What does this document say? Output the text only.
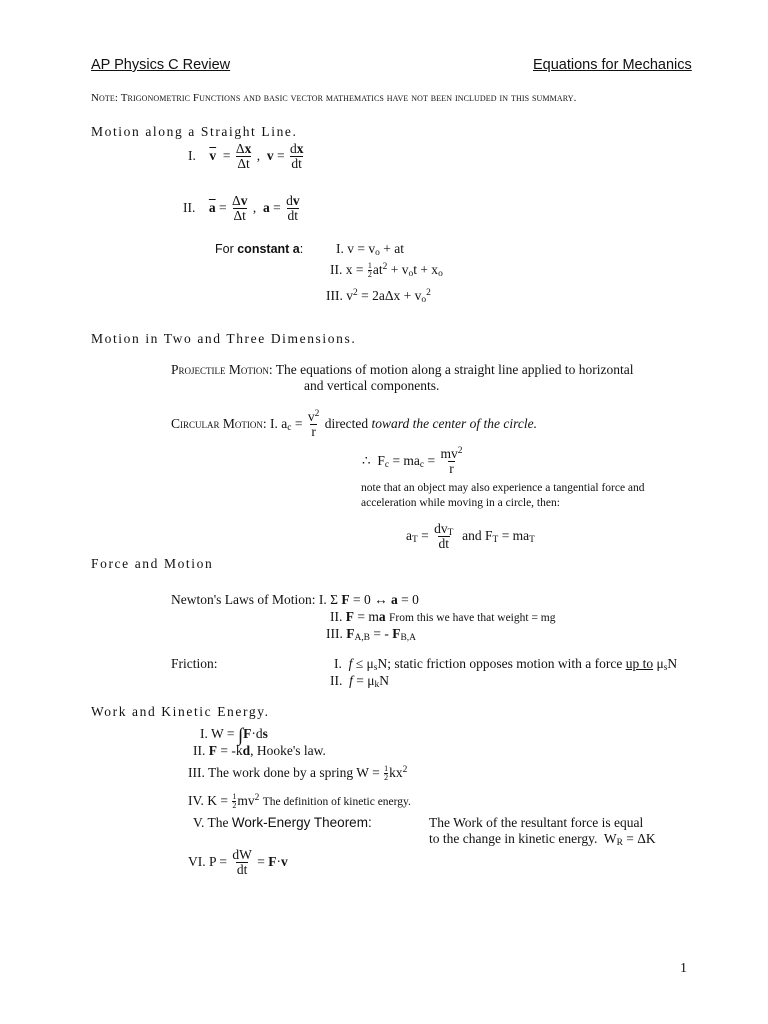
AP Physics C Review	Equations for Mechanics
Note: Trigonometric Functions and basic vector mathematics have not been included in this summary.
Motion along a Straight Line.
I. $\overline{v} = \frac{\Delta x}{\Delta t}$ ,  $v = \frac{dx}{dt}$
II. $\overline{a} = \frac{\Delta v}{\Delta t}$ ,  $a = \frac{dv}{dt}$
For constant a: I. $v = v_o$ + at
II. $x = \frac{1}{2} at^2 + v_ot + x_o$
III. $v^2 = 2a\Delta x + v_o^2$
Motion in Two and Three Dimensions.
Projectile Motion: The equations of motion along a straight line applied to horizontal
and vertical components.
Circular Motion: I. $a_c = \frac{v^2}{r}$ directed toward the center of the circle.
∴  $F_c = ma_c = \frac{mv^2}{r}$
note that an object may also experience a tangential force and
acceleration while moving in a circle, then:
$a_T = \frac{dv_T}{dt}$ and $F_T = ma_T$
Force and Motion
Newton's Laws of Motion: I. Σ F = 0 ↔ a = 0
II. F = ma From this we have that weight = mg
III. $F_{A,B}$ = - $F_{B,A}$
Friction:	I. $f \le \mu_sN$; static friction opposes motion with a force up to $\mu_sN$
II. $f = \mu_kN$
Work and Kinetic Energy.
I. W = ∫F·ds
II. F = -kd, Hooke's law.
III. The work done by a spring $W = \frac{1}{2} kx^2$
IV. $K = \frac{1}{2} mv^2$ The definition of kinetic energy.
V. The Work-Energy Theorem:	The Work of the resultant force is equal
to the change in kinetic energy.  $W_R = \Delta K$
VI. $P = \frac{dW}{dt} = F\cdot v$
1
